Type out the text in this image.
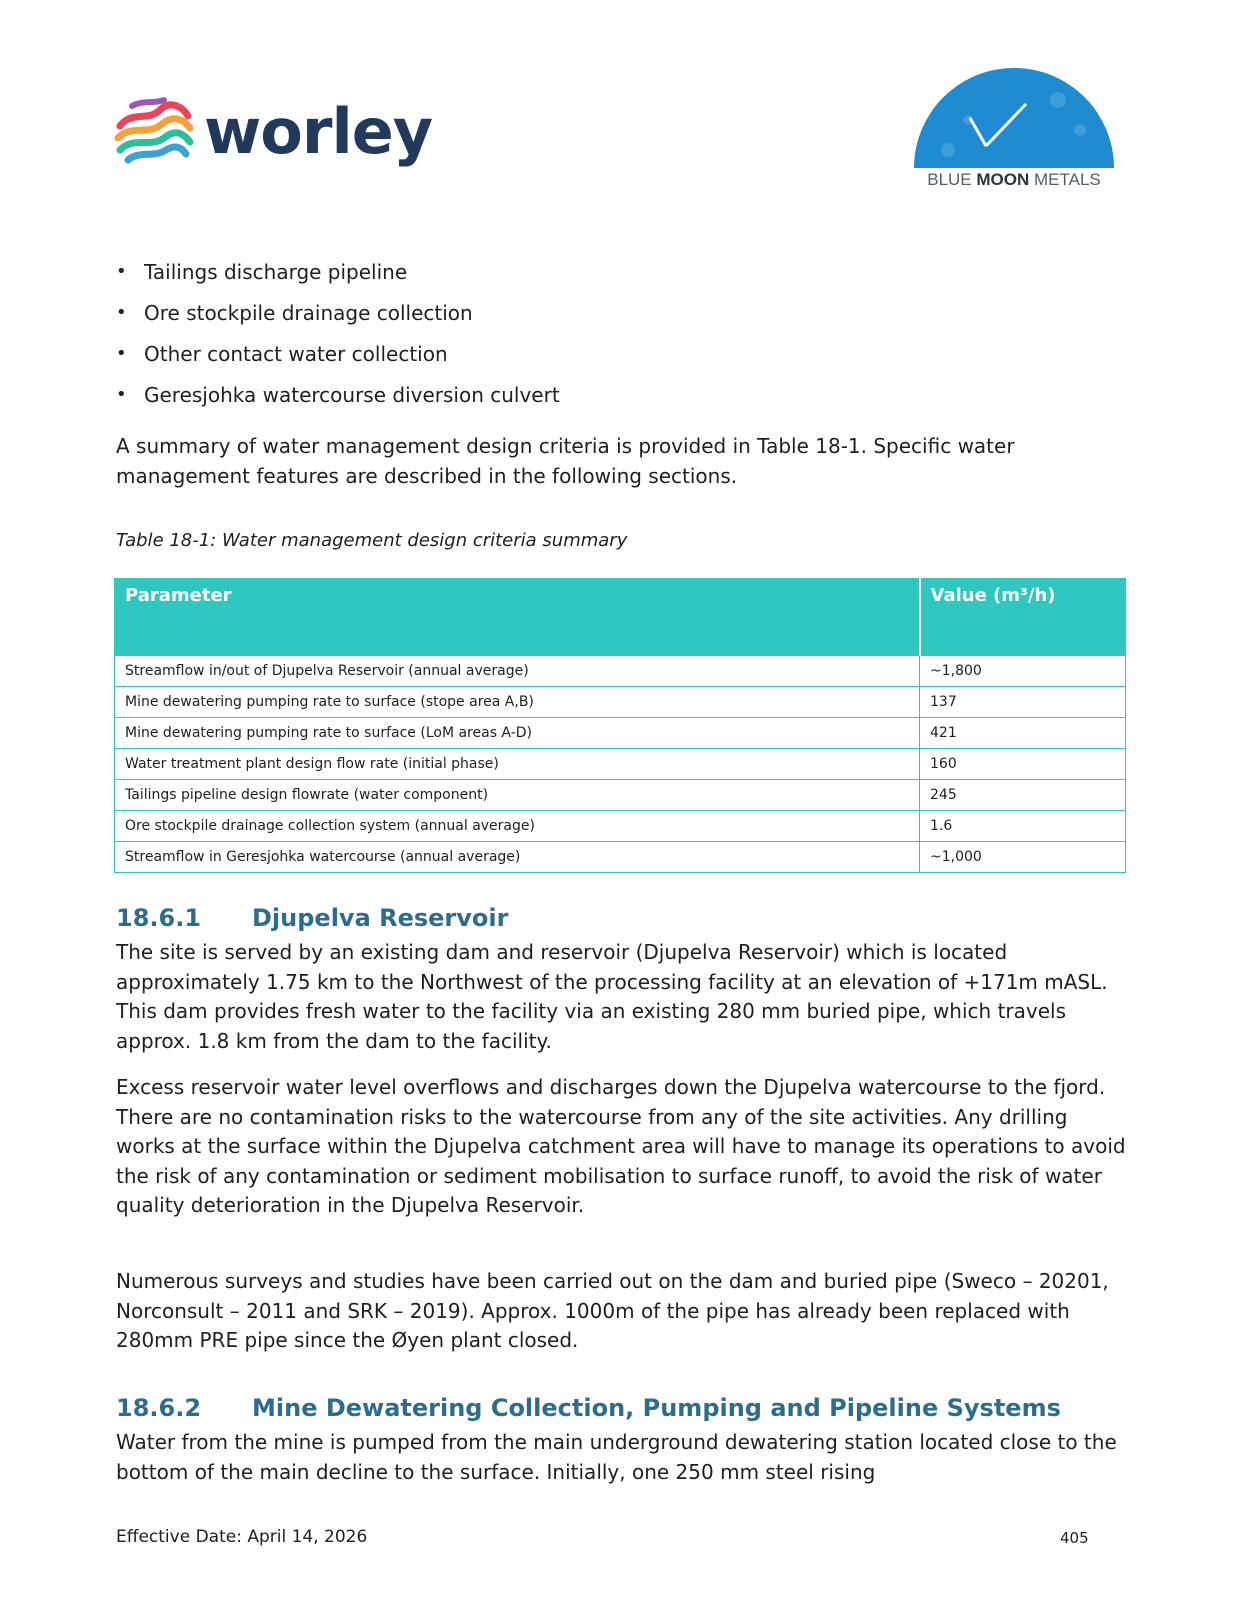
worley
BLUE MOON METALS
• Tailings discharge pipeline
• Ore stockpile drainage collection
• Other contact water collection
• Geresjohka watercourse diversion culvert

A summary of water management design criteria is provided in Table 18-1. Specific water management features are described in the following sections.

Table 18-1: Water management design criteria summary
Parameter	Value (m³/h)
Streamflow in/out of Djupelva Reservoir (annual average)	~1,800
Mine dewatering pumping rate to surface (stope area A,B)	137
Mine dewatering pumping rate to surface (LoM areas A-D)	421
Water treatment plant design flow rate (initial phase)	160
Tailings pipeline design flowrate (water component)	245
Ore stockpile drainage collection system (annual average)	1.6
Streamflow in Geresjohka watercourse (annual average)	~1,000
18.6.1 Djupelva Reservoir

The site is served by an existing dam and reservoir (Djupelva Reservoir) which is located approximately 1.75 km to the Northwest of the processing facility at an elevation of +171m mASL. This dam provides fresh water to the facility via an existing 280 mm buried pipe, which travels approx. 1.8 km from the dam to the facility.

Excess reservoir water level overflows and discharges down the Djupelva watercourse to the fjord. There are no contamination risks to the watercourse from any of the site activities. Any drilling works at the surface within the Djupelva catchment area will have to manage its operations to avoid the risk of any contamination or sediment mobilisation to surface runoff, to avoid the risk of water quality deterioration in the Djupelva Reservoir.

Numerous surveys and studies have been carried out on the dam and buried pipe (Sweco – 20201, Norconsult – 2011 and SRK – 2019). Approx. 1000m of the pipe has already been replaced with 280mm PRE pipe since the Øyen plant closed.

18.6.2 Mine Dewatering Collection, Pumping and Pipeline Systems

Water from the mine is pumped from the main underground dewatering station located close to the bottom of the main decline to the surface. Initially, one 250 mm steel rising

Effective Date: April 14, 2026	405
